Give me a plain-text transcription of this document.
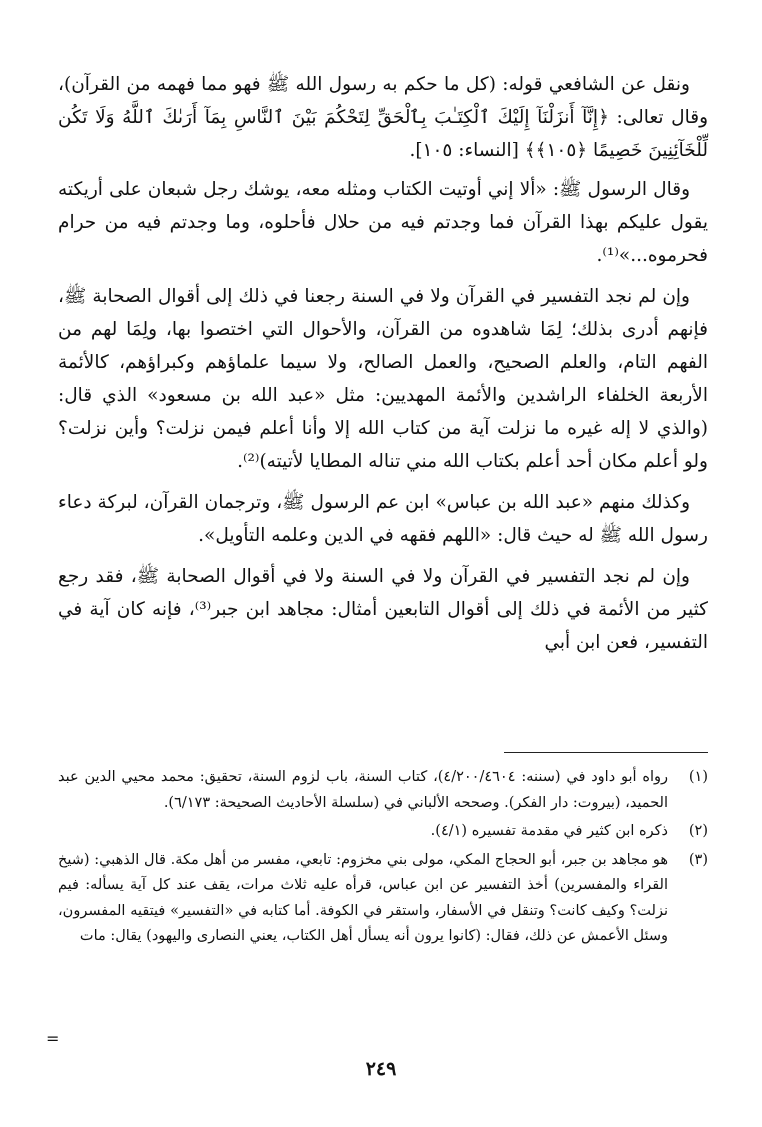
ونقل عن الشافعي قوله: (كل ما حكم به رسول الله ﷺ فهو مما فهمه من القرآن)، وقال تعالى: ﴿إِنَّآ أَنزَلْنَآ إِلَيْكَ ٱلْكِتَـٰبَ بِٱلْحَقِّ لِتَحْكُمَ بَيْنَ ٱلنَّاسِ بِمَآ أَرَىٰكَ ٱللَّهُ وَلَا تَكُن لِّلْخَآئِنِينَ خَصِيمًا ﴿١٠٥﴾﴾ [النساء: ١٠٥].

وقال الرسول ﷺ: «ألا إني أوتيت الكتاب ومثله معه، يوشك رجل شبعان على أريكته يقول عليكم بهذا القرآن فما وجدتم فيه من حلال فأحلوه، وما وجدتم فيه من حرام فحرموه...»⁽¹⁾.

وإن لم نجد التفسير في القرآن ولا في السنة رجعنا في ذلك إلى أقوال الصحابة ﷺ، فإنهم أدرى بذلك؛ لِمَا شاهدوه من القرآن، والأحوال التي اختصوا بها، ولِمَا لهم من الفهم التام، والعلم الصحيح، والعمل الصالح، ولا سيما علماؤهم وكبراؤهم، كالأئمة الأربعة الخلفاء الراشدين والأئمة المهديين: مثل «عبد الله بن مسعود» الذي قال: (والذي لا إله غيره ما نزلت آية من كتاب الله إلا وأنا أعلم فيمن نزلت؟ وأين نزلت؟ ولو أعلم مكان أحد أعلم بكتاب الله مني تناله المطايا لأتيته)⁽²⁾.

وكذلك منهم «عبد الله بن عباس» ابن عم الرسول ﷺ، وترجمان القرآن، لبركة دعاء رسول الله ﷺ له حيث قال: «اللهم فقهه في الدين وعلمه التأويل».

وإن لم نجد التفسير في القرآن ولا في السنة ولا في أقوال الصحابة ﷺ، فقد رجع كثير من الأئمة في ذلك إلى أقوال التابعين أمثال: مجاهد ابن جبر⁽³⁾، فإنه كان آية في التفسير، فعن ابن أبي

(١)
رواه أبو داود في (سننه: ٤/٢٠٠/٤٦٠٤)، كتاب السنة، باب لزوم السنة، تحقيق: محمد محيي الدين عبد الحميد، (بيروت: دار الفكر). وصححه الألباني في (سلسلة الأحاديث الصحيحة: ٦/١٧٣).
(٢)
ذكره ابن كثير في مقدمة تفسيره (٤/١).
(٣)
هو مجاهد بن جبر، أبو الحجاج المكي، مولى بني مخزوم: تابعي، مفسر من أهل مكة. قال الذهبي: (شيخ القراء والمفسرين) أخذ التفسير عن ابن عباس، قرأه عليه ثلاث مرات، يقف عند كل آية يسأله: فيم نزلت؟ وكيف كانت؟ وتنقل في الأسفار، واستقر في الكوفة. أما كتابه في «التفسير» فيتقيه المفسرون، وسئل الأعمش عن ذلك، فقال: (كانوا يرون أنه يسأل أهل الكتاب، يعني النصارى واليهود) يقال: مات
=
٢٤٩
